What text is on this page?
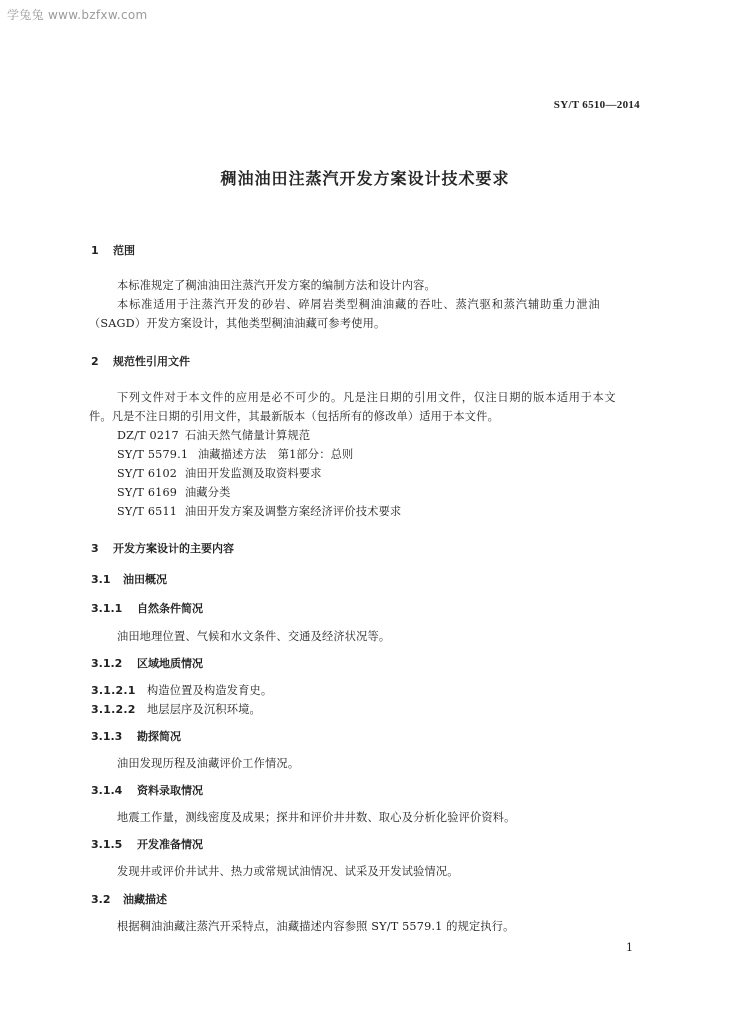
学兔兔 www.bzfxw.com
SY/T 6510—2014
稠油油田注蒸汽开发方案设计技术要求
1 范围
本标准规定了稠油油田注蒸汽开发方案的编制方法和设计内容。
本标准适用于注蒸汽开发的砂岩、碎屑岩类型稠油油藏的吞吐、蒸汽驱和蒸汽辅助重力泄油
（SAGD）开发方案设计，其他类型稠油油藏可参考使用。
2 规范性引用文件
下列文件对于本文件的应用是必不可少的。凡是注日期的引用文件，仅注日期的版本适用于本文
件。凡是不注日期的引用文件，其最新版本（包括所有的修改单）适用于本文件。
DZ/T 0217 石油天然气储量计算规范
SY/T 5579.1 油藏描述方法　第1部分：总则
SY/T 6102 油田开发监测及取资料要求
SY/T 6169 油藏分类
SY/T 6511 油田开发方案及调整方案经济评价技术要求
3 开发方案设计的主要内容
3.1 油田概况
3.1.1 自然条件简况
油田地理位置、气候和水文条件、交通及经济状况等。
3.1.2 区域地质情况
3.1.2.1 构造位置及构造发育史。
3.1.2.2 地层层序及沉积环境。
3.1.3 勘探简况
油田发现历程及油藏评价工作情况。
3.1.4 资料录取情况
地震工作量，测线密度及成果；探井和评价井井数、取心及分析化验评价资料。
3.1.5 开发准备情况
发现井或评价井试井、热力或常规试油情况、试采及开发试验情况。
3.2 油藏描述
根据稠油油藏注蒸汽开采特点，油藏描述内容参照 SY/T 5579.1 的规定执行。
1
